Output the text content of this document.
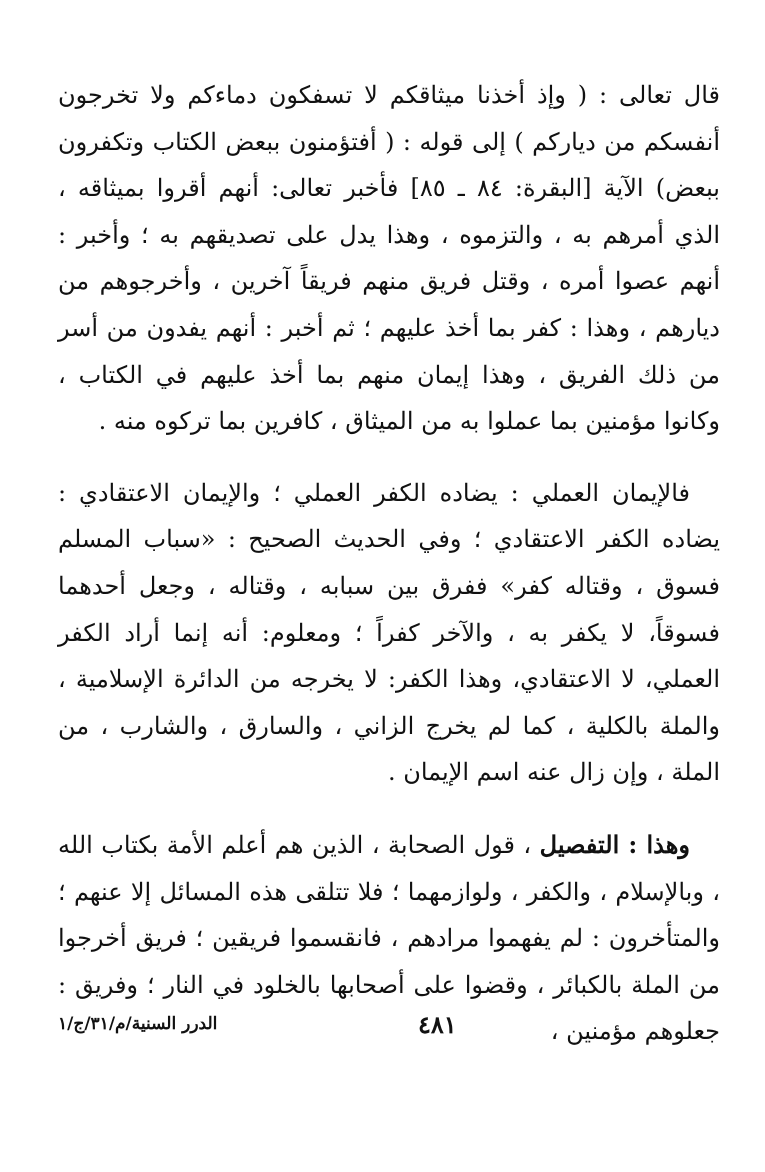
قال تعالى : ( وإذ أخذنا ميثاقكم لا تسفكون دماءكم ولا تخرجون أنفسكم من دياركم ) إلى قوله : ( أفتؤمنون ببعض الكتاب وتكفرون ببعض) الآية [البقرة: ٨٤ ـ ٨٥] فأخبر تعالى: أنهم أقروا بميثاقه ، الذي أمرهم به ، والتزموه ، وهذا يدل على تصديقهم به ؛ وأخبر : أنهم عصوا أمره ، وقتل فريق منهم فريقاً آخرين ، وأخرجوهم من ديارهم ، وهذا : كفر بما أخذ عليهم ؛ ثم أخبر : أنهم يفدون من أسر من ذلك الفريق ، وهذا إيمان منهم بما أخذ عليهم في الكتاب ، وكانوا مؤمنين بما عملوا به من الميثاق ، كافرين بما تركوه منه .

فالإيمان العملي : يضاده الكفر العملي ؛ والإيمان الاعتقادي : يضاده الكفر الاعتقادي ؛ وفي الحديث الصحيح : «سباب المسلم فسوق ، وقتاله كفر» ففرق بين سبابه ، وقتاله ، وجعل أحدهما فسوقاً، لا يكفر به ، والآخر كفراً ؛ ومعلوم: أنه إنما أراد الكفر العملي، لا الاعتقادي، وهذا الكفر: لا يخرجه من الدائرة الإسلامية ، والملة بالكلية ، كما لم يخرج الزاني ، والسارق ، والشارب ، من الملة ، وإن زال عنه اسم الإيمان .

وهذا : التفصيل ، قول الصحابة ، الذين هم أعلم الأمة بكتاب الله ، وبالإسلام ، والكفر ، ولوازمهما ؛ فلا تتلقى هذه المسائل إلا عنهم ؛ والمتأخرون : لم يفهموا مرادهم ، فانقسموا فريقين ؛ فريق أخرجوا من الملة بالكبائر ، وقضوا على أصحابها بالخلود في النار ؛ وفريق : جعلوهم مؤمنين ،

٤٨١
الدرر السنية/م/٣١/ج/١
